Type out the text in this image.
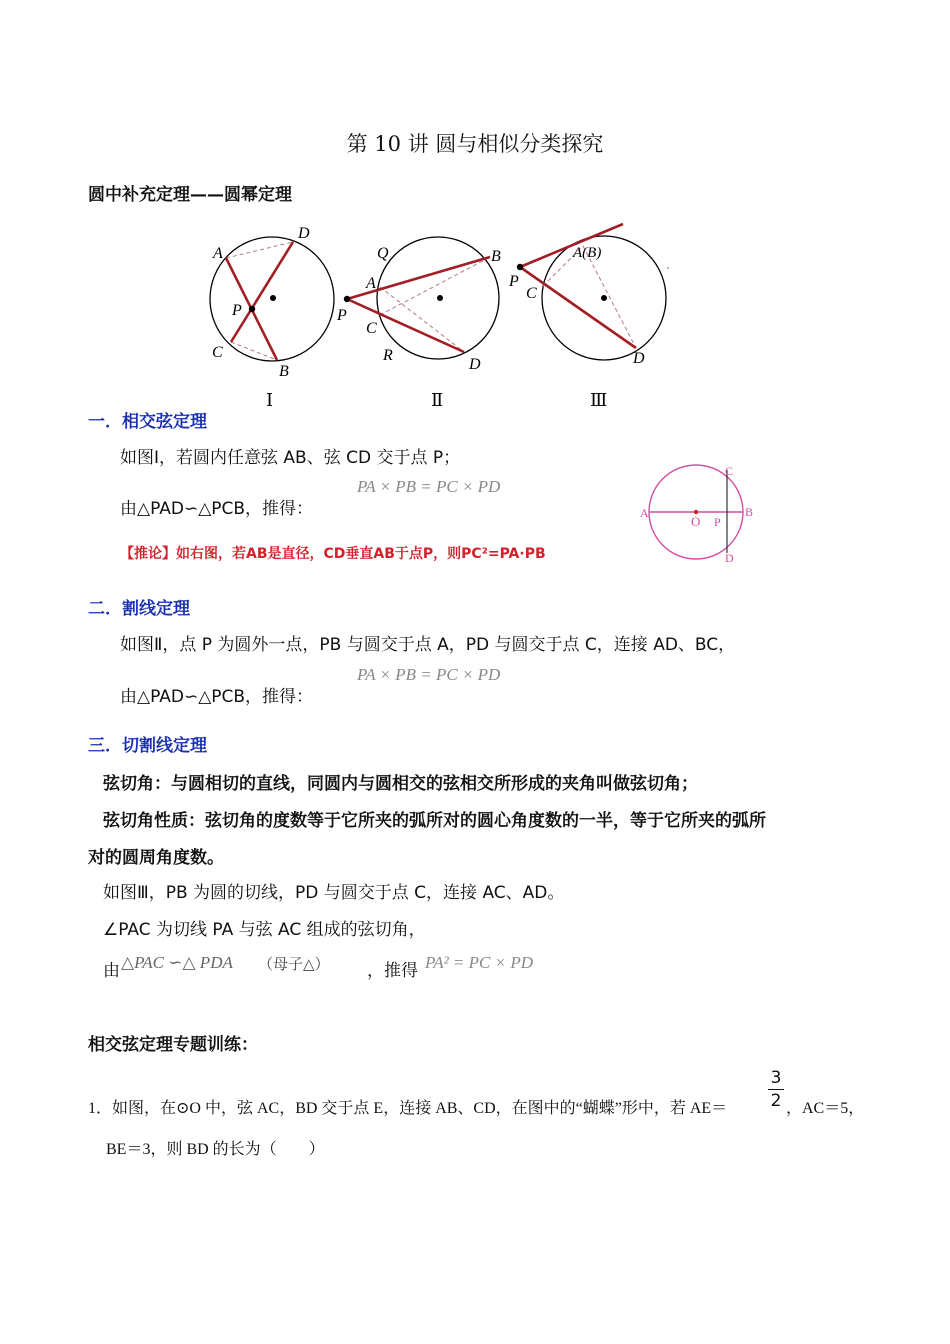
第 10 讲 圆与相似分类探究
圆中补充定理——圆幂定理
A
D
P
C
B
Ⅰ
Q	B
A
P
C
R
D
Ⅱ
A(B)
P
C
D
Ⅲ
一．相交弦定理
如图Ⅰ，若圆内任意弦 AB、弦 CD 交于点 P；
由△PAD∽△PCB，推得：
PA × PB = PC × PD
【推论】如右图，若AB是直径，CD垂直AB于点P，则PC²=PA·PB
A	B
C
D
O P
二．割线定理
如图Ⅱ，点 P 为圆外一点，PB 与圆交于点 A，PD 与圆交于点 C，连接 AD、BC，
由△PAD∽△PCB，推得：
PA × PB = PC × PD
三．切割线定理
弦切角：与圆相切的直线，同圆内与圆相交的弦相交所形成的夹角叫做弦切角；
弦切角性质：弦切角的度数等于它所夹的弧所对的圆心角度数的一半，等于它所夹的弧所
对的圆周角度数。
如图Ⅲ，PB 为圆的切线，PD 与圆交于点 C，连接 AC、AD。
∠PAC 为切线 PA 与弦 AC 组成的弦切角，
由 △PAC ∽△ PDA （母子△） ，推得 PA² = PC × PD
相交弦定理专题训练：
1．如图，在⊙O 中，弦 AC，BD 交于点 E，连接 AB、CD，在图中的“蝴蝶”形中，若 AE＝
3
2 ，AC＝5，
BE＝3，则 BD 的长为（　　）
